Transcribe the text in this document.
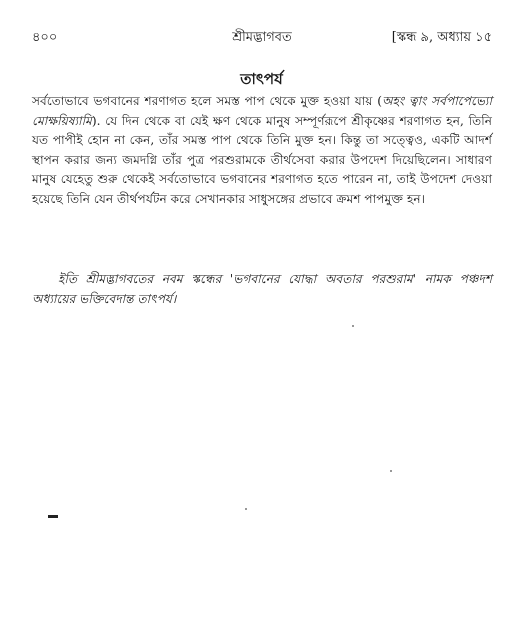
৪০০	শ্রীমদ্ভাগবত	[স্কন্ধ ৯, অধ্যায় ১৫
তাৎপর্য

সর্বতোভাবে ভগবানের শরণাগত হলে সমস্ত পাপ থেকে মুক্ত হওয়া যায় (অহং ত্বাং সর্বপাপেভ্যো মোক্ষয়িষ্যামি). যে দিন থেকে বা যেই ক্ষণ থেকে মানুষ সম্পূর্ণরূপে শ্রীকৃষ্ণের শরণাগত হন, তিনি যত পাপীই হোন না কেন, তাঁর সমস্ত পাপ থেকে তিনি মুক্ত হন। কিন্তু তা সত্ত্বেও, একটি আদর্শ স্থাপন করার জন্য জমদগ্নি তাঁর পুত্র পরশুরামকে তীর্থসেবা করার উপদেশ দিয়েছিলেন। সাধারণ মানুষ যেহেতু শুরু থেকেই সর্বতোভাবে ভগবানের শরণাগত হতে পারেন না, তাই উপদেশ দেওয়া হয়েছে তিনি যেন তীর্থপর্যটন করে সেখানকার সাধুসঙ্গের প্রভাবে ক্রমশ পাপমুক্ত হন।

ইতি শ্রীমদ্ভাগবতের নবম স্কন্ধের 'ভগবানের যোদ্ধা অবতার পরশুরাম' নামক পঞ্চদশ অধ্যায়ের ভক্তিবেদান্ত তাৎপর্য।
